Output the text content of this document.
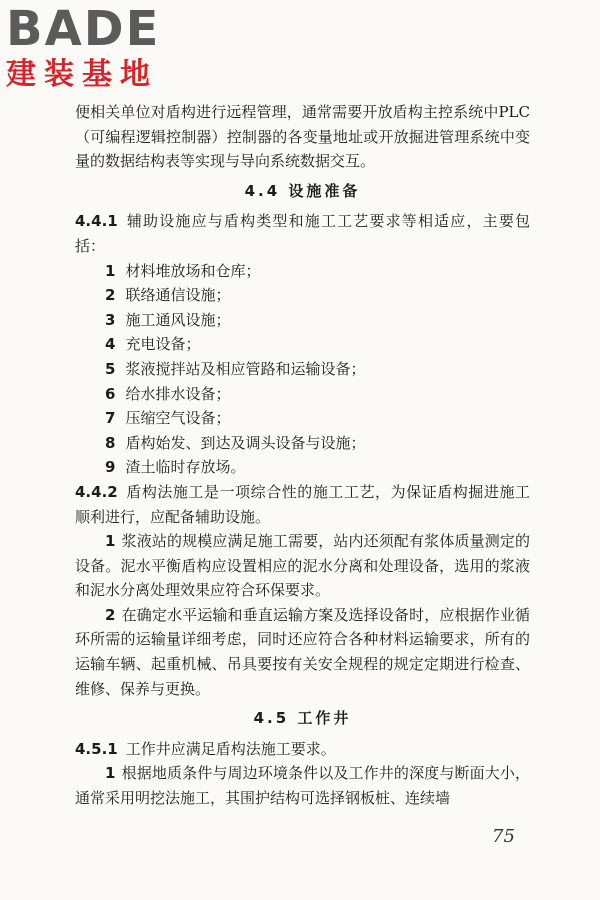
BADE
建装基地
便相关单位对盾构进行远程管理，通常需要开放盾构主控系统中PLC（可编程逻辑控制器）控制器的各变量地址或开放掘进管理系统中变量的数据结构表等实现与导向系统数据交互。
4.4 设施准备
4.4.1 辅助设施应与盾构类型和施工工艺要求等相适应，主要包括：
1 材料堆放场和仓库；
2 联络通信设施；
3 施工通风设施；
4 充电设备；
5 浆液搅拌站及相应管路和运输设备；
6 给水排水设备；
7 压缩空气设备；
8 盾构始发、到达及调头设备与设施；
9 渣土临时存放场。
4.4.2 盾构法施工是一项综合性的施工工艺，为保证盾构掘进施工顺利进行，应配备辅助设施。
1 浆液站的规模应满足施工需要，站内还须配有浆体质量测定的设备。泥水平衡盾构应设置相应的泥水分离和处理设备，选用的浆液和泥水分离处理效果应符合环保要求。
2 在确定水平运输和垂直运输方案及选择设备时，应根据作业循环所需的运输量详细考虑，同时还应符合各种材料运输要求，所有的运输车辆、起重机械、吊具要按有关安全规程的规定定期进行检查、维修、保养与更换。
4.5 工作井
4.5.1 工作井应满足盾构法施工要求。
1 根据地质条件与周边环境条件以及工作井的深度与断面大小，通常采用明挖法施工，其围护结构可选择钢板桩、连续墙
75
